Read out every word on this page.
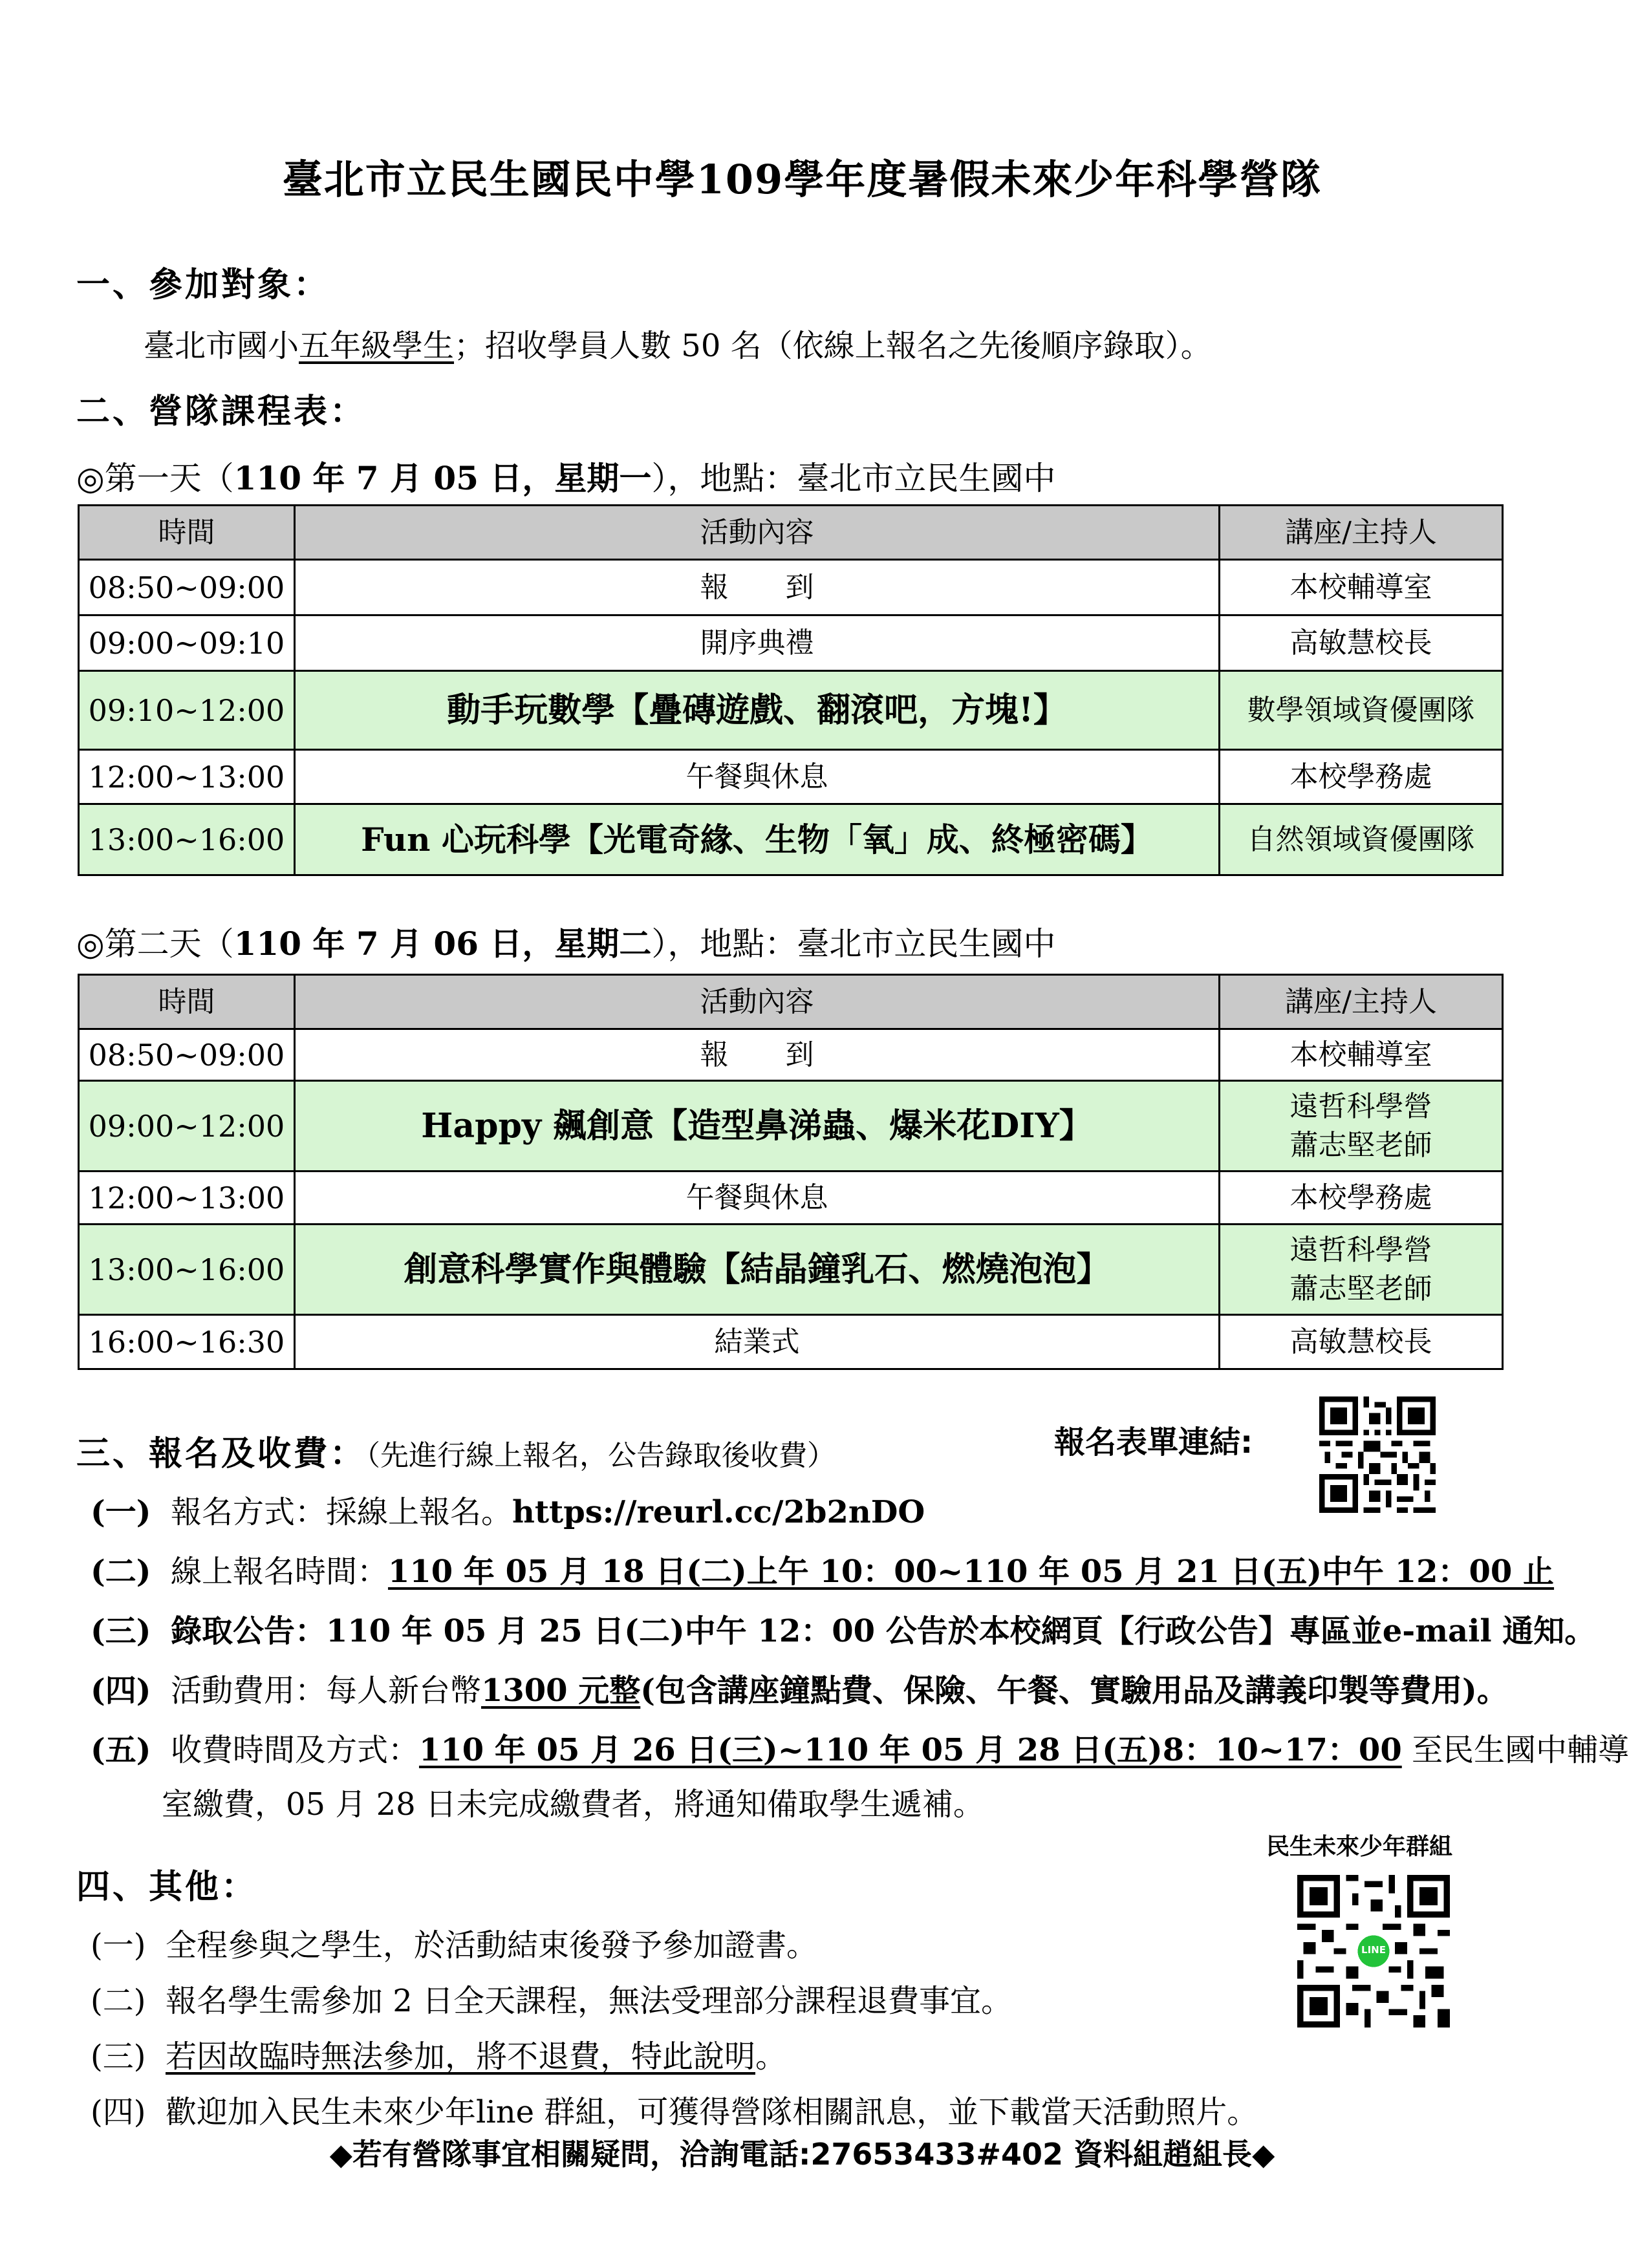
臺北市立民生國民中學109學年度暑假未來少年科學營隊
一、參加對象：
臺北市國小五年級學生；招收學員人數 50 名（依線上報名之先後順序錄取）。
二、營隊課程表：
◎第一天（110 年 7 月 05 日，星期一），地點：臺北市立民生國中
時間	活動內容	講座/主持人
08:50~09:00	報　　到	本校輔導室
09:00~09:10	開序典禮	高敏慧校長
09:10~12:00	動手玩數學【疊磚遊戲、翻滾吧，方塊!】	數學領域資優團隊
12:00~13:00	午餐與休息	本校學務處
13:00~16:00	Fun 心玩科學【光電奇緣、生物「氧」成、終極密碼】	自然領域資優團隊
◎第二天（110 年 7 月 06 日，星期二），地點：臺北市立民生國中
時間	活動內容	講座/主持人
08:50~09:00	報　　到	本校輔導室
09:00~12:00	Happy 飆創意【造型鼻涕蟲、爆米花DIY】	遠哲科學營
蕭志堅老師

12:00~13:00	午餐與休息	本校學務處
13:00~16:00	創意科學實作與體驗【結晶鐘乳石、燃燒泡泡】	遠哲科學營
蕭志堅老師

16:00~16:30	結業式	高敏慧校長
三、報名及收費：（先進行線上報名，公告錄取後收費）	報名表單連結:
(一) 報名方式：採線上報名。https://reurl.cc/2b2nDO
(二) 線上報名時間：110 年 05 月 18 日(二)上午 10：00~110 年 05 月 21 日(五)中午 12：00 止
(三) 錄取公告：110 年 05 月 25 日(二)中午 12：00 公告於本校網頁【行政公告】專區並e-mail 通知。
(四) 活動費用：每人新台幣1300 元整(包含講座鐘點費、保險、午餐、實驗用品及講義印製等費用)。
(五) 收費時間及方式：110 年 05 月 26 日(三)~110 年 05 月 28 日(五)8：10~17：00 至民生國中輔導
室繳費，05 月 28 日未完成繳費者，將通知備取學生遞補。
民生未來少年群組
LINE
四、其他：
(一) 全程參與之學生，於活動結束後發予參加證書。
(二) 報名學生需參加 2 日全天課程，無法受理部分課程退費事宜。
(三) 若因故臨時無法參加，將不退費，特此說明。
(四) 歡迎加入民生未來少年line 群組，可獲得營隊相關訊息，並下載當天活動照片。
◆若有營隊事宜相關疑問，洽詢電話:27653433#402 資料組趙組長◆
